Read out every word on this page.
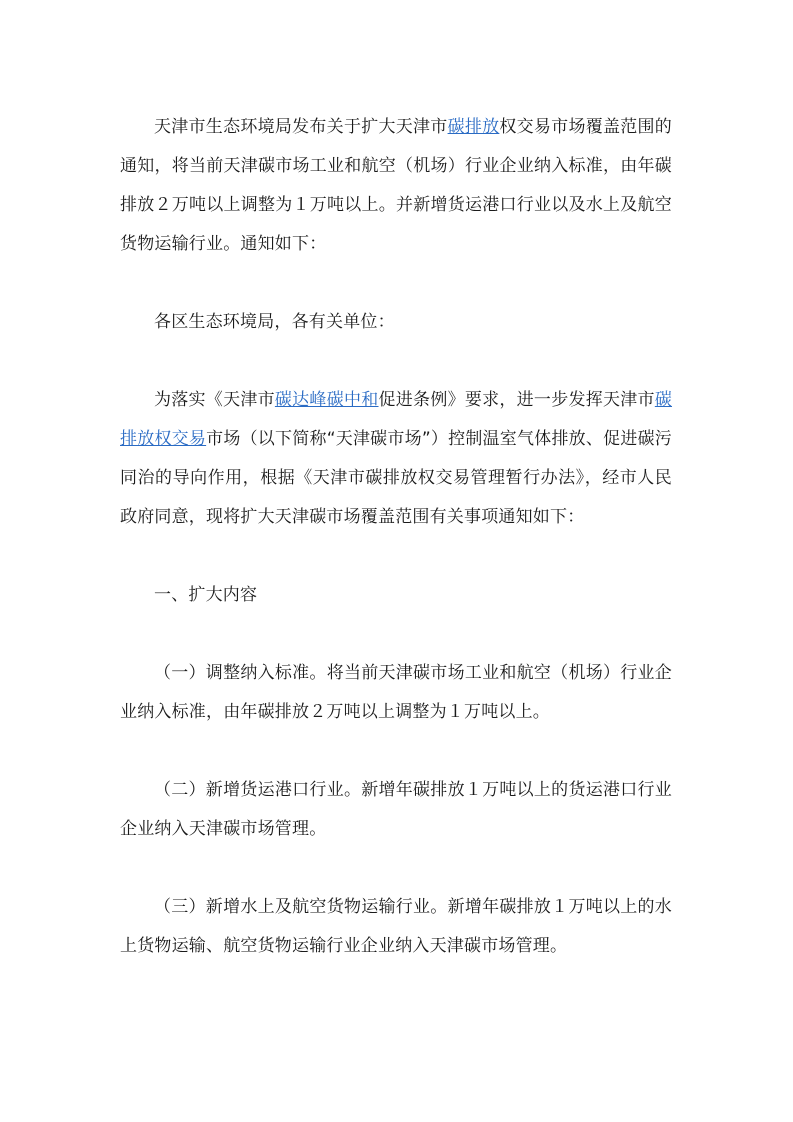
天津市生态环境局发布关于扩大天津市碳排放权交易市场覆盖范围的通知，将当前天津碳市场工业和航空（机场）行业企业纳入标准，由年碳排放２万吨以上调整为１万吨以上。并新增货运港口行业以及水上及航空货物运输行业。通知如下：

各区生态环境局，各有关单位：

为落实《天津市碳达峰碳中和促进条例》要求，进一步发挥天津市碳排放权交易市场（以下简称“天津碳市场”）控制温室气体排放、促进碳污同治的导向作用，根据《天津市碳排放权交易管理暂行办法》，经市人民政府同意，现将扩大天津碳市场覆盖范围有关事项通知如下：

一、扩大内容

（一）调整纳入标准。将当前天津碳市场工业和航空（机场）行业企业纳入标准，由年碳排放２万吨以上调整为１万吨以上。

（二）新增货运港口行业。新增年碳排放１万吨以上的货运港口行业企业纳入天津碳市场管理。

（三）新增水上及航空货物运输行业。新增年碳排放１万吨以上的水上货物运输、航空货物运输行业企业纳入天津碳市场管理。
